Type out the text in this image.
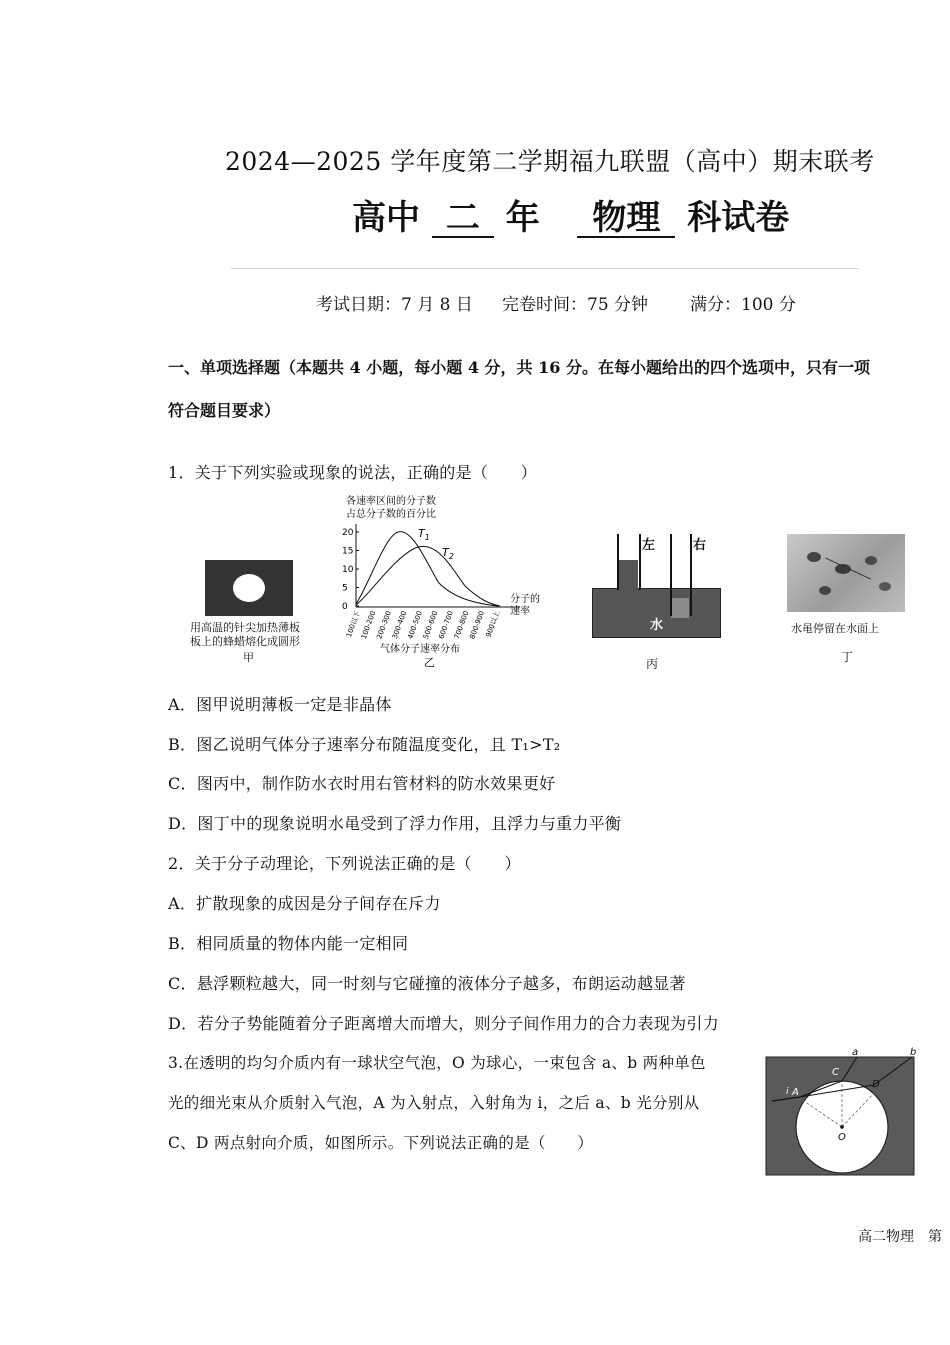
2024—2025 学年度第二学期福九联盟（高中）期末联考
高中 二 年 物理 科试卷
考试日期：7 月 8 日 完卷时间：75 分钟 满分：100 分
一、单项选择题（本题共 4 小题，每小题 4 分，共 16 分。在每小题给出的四个选项中，只有一项
符合题目要求）
1．关于下列实验或现象的说法，正确的是（　　）
用高温的针尖加热薄板
板上的蜂蜡熔化成圆形
甲
各速率区间的分子数
占总分子数的百分比
20
15
10
5
0
100以下
100-200
200-300
300-400
400-500
500-600
600-700
700-800
800-900
900以上
$T_1$
$T_2$
分子的
速率
气体分子速率分布
乙
左	右
水
丙
水黾停留在水面上
丁
A．图甲说明薄板一定是非晶体
B．图乙说明气体分子速率分布随温度变化，且 T₁>T₂
C．图丙中，制作防水衣时用右管材料的防水效果更好
D．图丁中的现象说明水黾受到了浮力作用，且浮力与重力平衡
2．关于分子动理论，下列说法正确的是（　　）
A．扩散现象的成因是分子间存在斥力
B．相同质量的物体内能一定相同
C．悬浮颗粒越大，同一时刻与它碰撞的液体分子越多，布朗运动越显著
D．若分子势能随着分子距离增大而增大，则分子间作用力的合力表现为引力
3.在透明的均匀介质内有一球状空气泡，O 为球心，一束包含 a、b 两种单色
光的细光束从介质射入气泡，A 为入射点，入射角为 i，之后 a、b 光分别从
C、D 两点射向介质，如图所示。下列说法正确的是（　　）
a	b
A
C
D
O
i
高二物理　第
